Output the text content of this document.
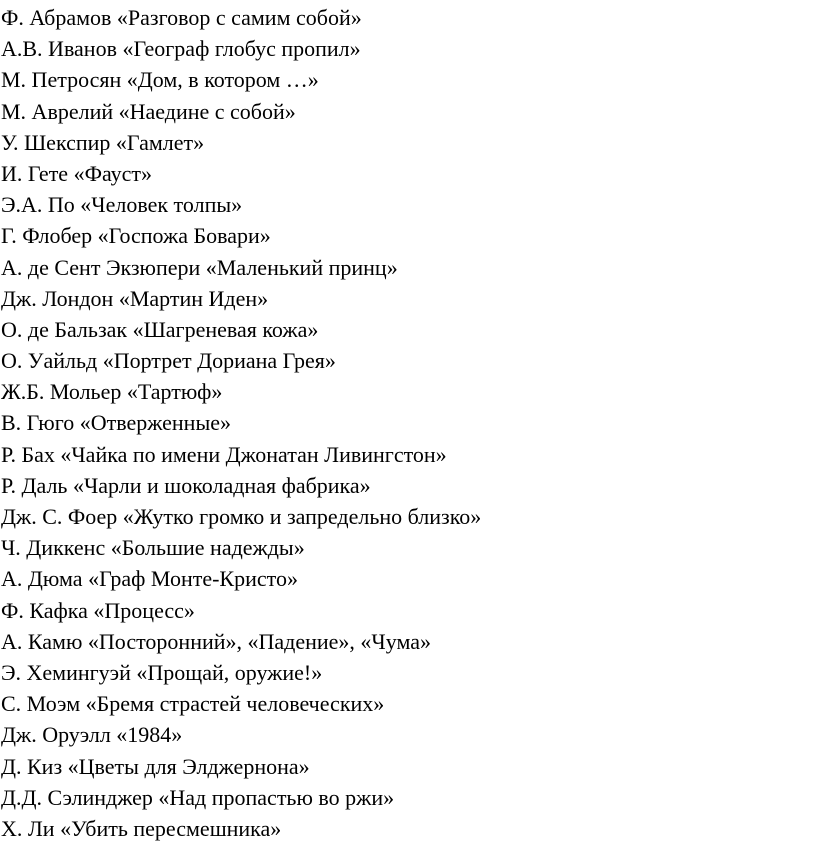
Ф. Абрамов «Разговор с самим собой»
А.В. Иванов «Географ глобус пропил»
М. Петросян «Дом, в котором …»
М. Аврелий «Наедине с собой»
У. Шекспир «Гамлет»
И. Гете «Фауст»
Э.А. По «Человек толпы»
Г. Флобер «Госпожа Бовари»
А. де Сент Экзюпери «Маленький принц»
Дж. Лондон «Мартин Иден»
О. де Бальзак «Шагреневая кожа»
О. Уайльд «Портрет Дориана Грея»
Ж.Б. Мольер «Тартюф»
В. Гюго «Отверженные»
Р. Бах «Чайка по имени Джонатан Ливингстон»
Р. Даль «Чарли и шоколадная фабрика»
Дж. С. Фоер «Жутко громко и запредельно близко»
Ч. Диккенс «Большие надежды»
А. Дюма «Граф Монте-Кристо»
Ф. Кафка «Процесс»
А. Камю «Посторонний», «Падение», «Чума»
Э. Хемингуэй «Прощай, оружие!»
С. Моэм «Бремя страстей человеческих»
Дж. Оруэлл «1984»
Д. Киз «Цветы для Элджернона»
Д.Д. Сэлинджер «Над пропастью во ржи»
Х. Ли «Убить пересмешника»
